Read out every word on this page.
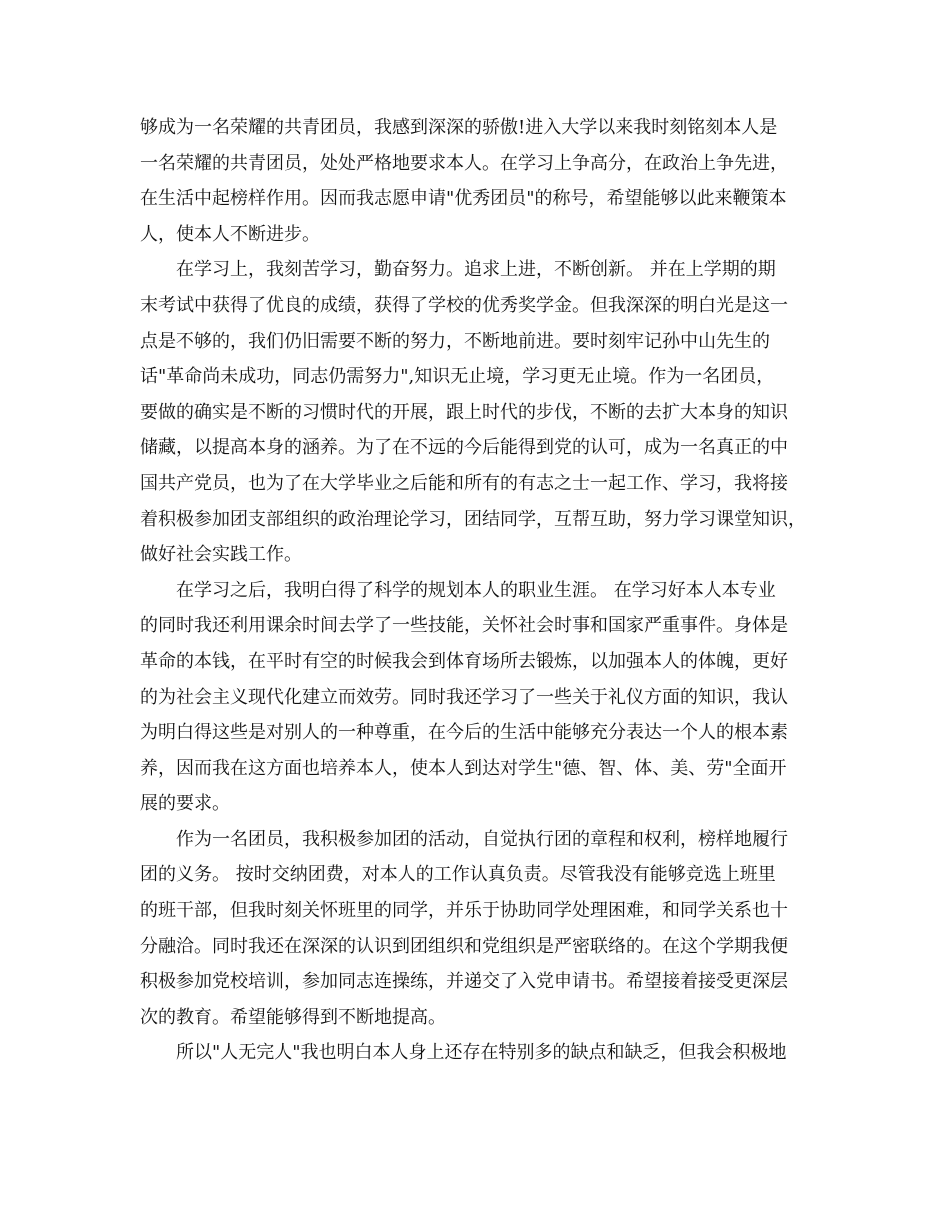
够成为一名荣耀的共青团员，我感到深深的骄傲!进入大学以来我时刻铭刻本人是
一名荣耀的共青团员，处处严格地要求本人。在学习上争高分，在政治上争先进，
在生活中起榜样作用。因而我志愿申请"优秀团员"的称号，希望能够以此来鞭策本
人，使本人不断进步。
在学习上，我刻苦学习，勤奋努力。追求上进，不断创新。 并在上学期的期
末考试中获得了优良的成绩，获得了学校的优秀奖学金。但我深深的明白光是这一
点是不够的，我们仍旧需要不断的努力，不断地前进。要时刻牢记孙中山先生的
话"革命尚未成功，同志仍需努力",知识无止境，学习更无止境。作为一名团员，
要做的确实是不断的习惯时代的开展，跟上时代的步伐，不断的去扩大本身的知识
储藏，以提高本身的涵养。为了在不远的今后能得到党的认可，成为一名真正的中
国共产党员，也为了在大学毕业之后能和所有的有志之士一起工作、学习，我将接
着积极参加团支部组织的政治理论学习，团结同学，互帮互助，努力学习课堂知识，
做好社会实践工作。
在学习之后，我明白得了科学的规划本人的职业生涯。 在学习好本人本专业
的同时我还利用课余时间去学了一些技能，关怀社会时事和国家严重事件。身体是
革命的本钱，在平时有空的时候我会到体育场所去锻炼，以加强本人的体魄，更好
的为社会主义现代化建立而效劳。同时我还学习了一些关于礼仪方面的知识，我认
为明白得这些是对别人的一种尊重，在今后的生活中能够充分表达一个人的根本素
养，因而我在这方面也培养本人，使本人到达对学生"德、智、体、美、劳"全面开
展的要求。
作为一名团员，我积极参加团的活动，自觉执行团的章程和权利，榜样地履行
团的义务。 按时交纳团费，对本人的工作认真负责。尽管我没有能够竞选上班里
的班干部，但我时刻关怀班里的同学，并乐于协助同学处理困难，和同学关系也十
分融洽。同时我还在深深的认识到团组织和党组织是严密联络的。在这个学期我便
积极参加党校培训，参加同志连操练，并递交了入党申请书。希望接着接受更深层
次的教育。希望能够得到不断地提高。
所以"人无完人"我也明白本人身上还存在特别多的缺点和缺乏，但我会积极地
